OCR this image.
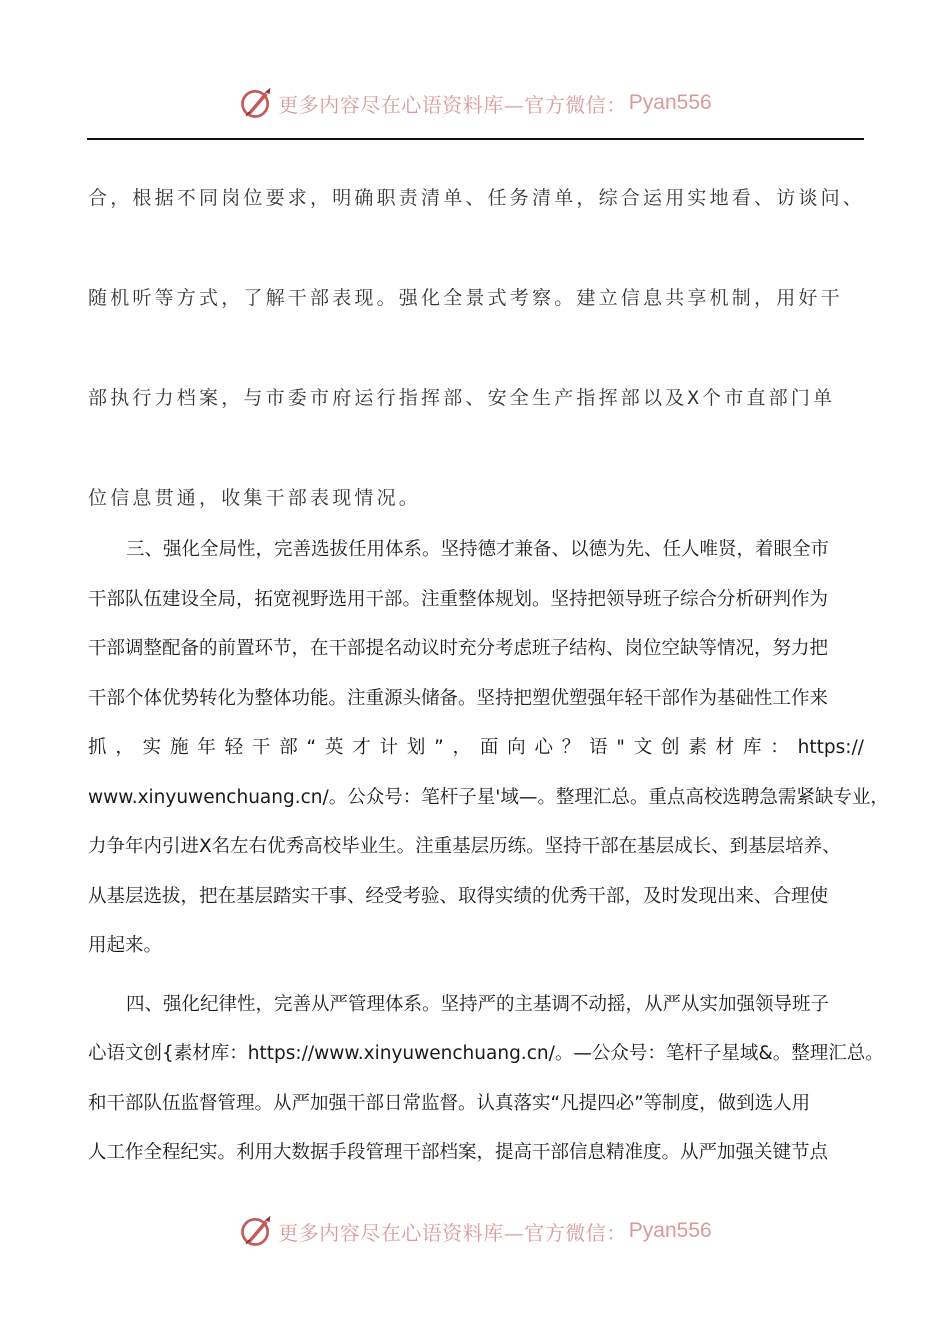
更多内容尽在心语资料库—官方微信： Pyan556
合，根据不同岗位要求，明确职责清单、任务清单，综合运用实地看、访谈问、
随机听等方式，了解干部表现。强化全景式考察。建立信息共享机制，用好干
部执行力档案，与市委市府运行指挥部、安全生产指挥部以及X个市直部门单
位信息贯通，收集干部表现情况。
三、强化全局性，完善选拔任用体系。坚持德才兼备、以德为先、任人唯贤，着眼全市
干部队伍建设全局，拓宽视野选用干部。注重整体规划。坚持把领导班子综合分析研判作为
干部调整配备的前置环节，在干部提名动议时充分考虑班子结构、岗位空缺等情况，努力把
干部个体优势转化为整体功能。注重源头储备。坚持把塑优塑强年轻干部作为基础性工作来
抓 ， 实 施 年 轻 干 部 “ 英 才 计 划 ” ， 面 向 心 ？ 语 " 文 创 素 材 库 ： https://
www.xinyuwenchuang.cn/。公众号：笔杆子星'域—。整理汇总。重点高校选聘急需紧缺专业，
力争年内引进X名左右优秀高校毕业生。注重基层历练。坚持干部在基层成长、到基层培养、
从基层选拔，把在基层踏实干事、经受考验、取得实绩的优秀干部，及时发现出来、合理使
用起来。
四、强化纪律性，完善从严管理体系。坚持严的主基调不动摇，从严从实加强领导班子
心语文创{素材库：https://www.xinyuwenchuang.cn/。—公众号：笔杆子星域&。整理汇总。
和干部队伍监督管理。从严加强干部日常监督。认真落实“凡提四必”等制度，做到选人用
人工作全程纪实。利用大数据手段管理干部档案，提高干部信息精准度。从严加强关键节点
更多内容尽在心语资料库—官方微信： Pyan556
